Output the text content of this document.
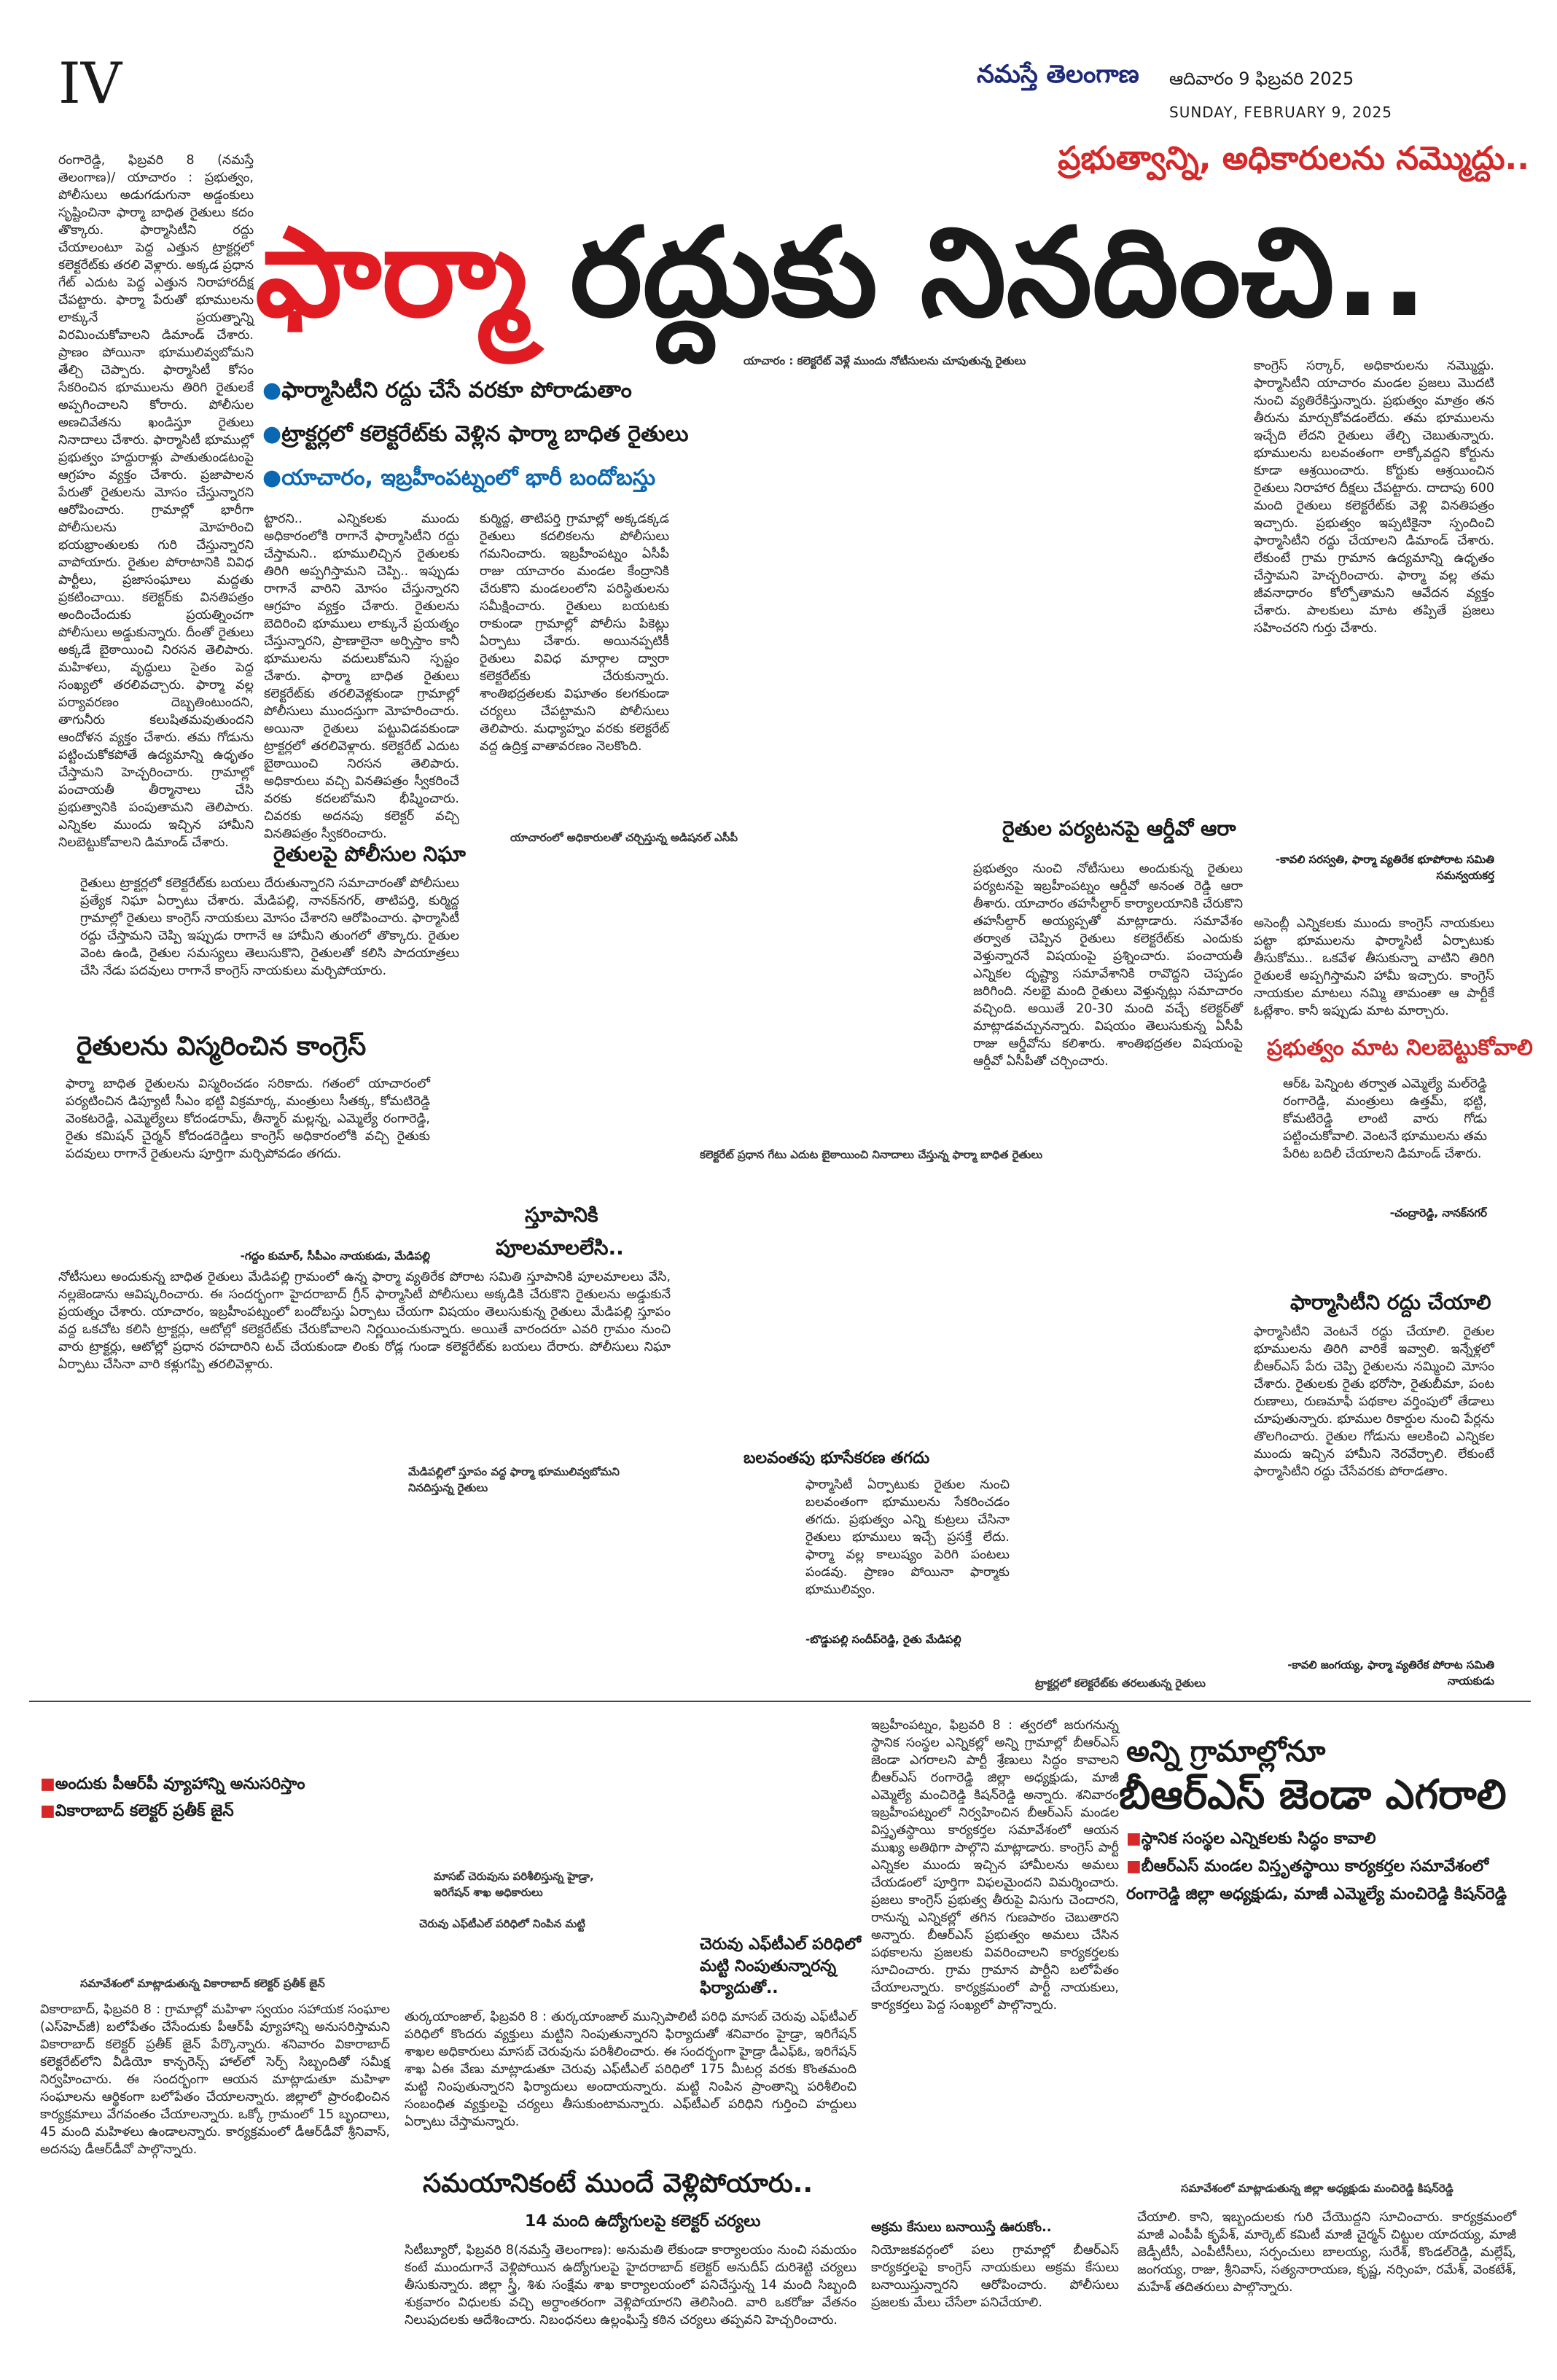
IV	నమస్తే తెలంగాణ ఆదివారం 9 ఫిబ్రవరి 2025
SUNDAY, FEBRUARY 9, 2025
ప్రభుత్వాన్ని, అధికారులను నమ్మొద్దు..
ఫార్మా రద్దుకు నినదించి..
●ఫార్మాసిటీని రద్దు చేసే వరకూ పోరాడుతాం
●ట్రాక్టర్లలో కలెక్టరేట్‌కు వెళ్లిన ఫార్మా బాధిత రైతులు
●యాచారం, ఇబ్రహీంపట్నంలో భారీ బందోబస్తు
యాచారం : కలెక్టరేట్ వెళ్లే ముందు నోటీసులను చూపుతున్న రైతులు
రంగారెడ్డి, ఫిబ్రవరి 8 (నమస్తే తెలంగాణ)/ యాచారం : ప్రభుత్వం, పోలీసులు అడుగడుగునా అడ్డంకులు సృష్టించినా ఫార్మా బాధిత రైతులు కదం తొక్కారు. ఫార్మాసిటీని రద్దు చేయాలంటూ పెద్ద ఎత్తున ట్రాక్టర్లలో కలెక్టరేట్‌కు తరలి వెళ్లారు. అక్కడ ప్రధాన గేట్ ఎదుట పెద్ద ఎత్తున నిరాహారదీక్ష చేపట్టారు. ఫార్మా పేరుతో భూములను లాక్కునే ప్రయత్నాన్ని విరమించుకోవాలని డిమాండ్ చేశారు. ప్రాణం పోయినా భూములివ్వబోమని తేల్చి చెప్పారు. ఫార్మాసిటీ కోసం సేకరించిన భూములను తిరిగి రైతులకే అప్పగించాలని కోరారు. పోలీసుల అణచివేతను ఖండిస్తూ రైతులు నినాదాలు చేశారు. ఫార్మాసిటీ భూముల్లో ప్రభుత్వం హద్దురాళ్లు పాతుతుండటంపై ఆగ్రహం వ్యక్తం చేశారు. ప్రజాపాలన పేరుతో రైతులను మోసం చేస్తున్నారని ఆరోపించారు. గ్రామాల్లో భారీగా పోలీసులను మోహరించి భయభ్రాంతులకు గురి చేస్తున్నారని వాపోయారు. రైతుల పోరాటానికి వివిధ పార్టీలు, ప్రజాసంఘాలు మద్దతు ప్రకటించాయి. కలెక్టర్‌కు వినతిపత్రం అందించేందుకు ప్రయత్నించగా పోలీసులు అడ్డుకున్నారు. దీంతో రైతులు అక్కడే బైఠాయించి నిరసన తెలిపారు. మహిళలు, వృద్ధులు సైతం పెద్ద సంఖ్యలో తరలివచ్చారు. ఫార్మా వల్ల పర్యావరణం దెబ్బతింటుందని, తాగునీరు కలుషితమవుతుందని ఆందోళన వ్యక్తం చేశారు. తమ గోడును పట్టించుకోకపోతే ఉద్యమాన్ని ఉధృతం చేస్తామని హెచ్చరించారు. గ్రామాల్లో పంచాయతీ తీర్మానాలు చేసి ప్రభుత్వానికి పంపుతామని తెలిపారు. ఎన్నికల ముందు ఇచ్చిన హామీని నిలబెట్టుకోవాలని డిమాండ్ చేశారు.
ట్టారని.. ఎన్నికలకు ముందు అధికారంలోకి రాగానే ఫార్మాసిటీని రద్దు చేస్తామని.. భూములిచ్చిన రైతులకు తిరిగి అప్పగిస్తామని చెప్పి.. ఇప్పుడు రాగానే వారిని మోసం చేస్తున్నారని ఆగ్రహం వ్యక్తం చేశారు. రైతులను బెదిరించి భూములు లాక్కునే ప్రయత్నం చేస్తున్నారని, ప్రాణాలైనా అర్పిస్తాం కానీ భూములను వదులుకోమని స్పష్టం చేశారు. ఫార్మా బాధిత రైతులు కలెక్టరేట్‌కు తరలివెళ్లకుండా గ్రామాల్లో పోలీసులు ముందస్తుగా మోహరించారు. అయినా రైతులు పట్టువిడవకుండా ట్రాక్టర్లలో తరలివెళ్లారు. కలెక్టరేట్ ఎదుట బైఠాయించి నిరసన తెలిపారు. అధికారులు వచ్చి వినతిపత్రం స్వీకరించే వరకు కదలబోమని భీష్మించారు. చివరకు అదనపు కలెక్టర్ వచ్చి వినతిపత్రం స్వీకరించారు.
కుర్మిద్ద, తాటిపర్తి గ్రామాల్లో అక్కడక్కడ రైతులు కదలికలను పోలీసులు గమనించారు. ఇబ్రహీంపట్నం ఏసీపీ రాజు యాచారం మండల కేంద్రానికి చేరుకొని మండలంలోని పరిస్థితులను సమీక్షించారు. రైతులు బయటకు రాకుండా గ్రామాల్లో పోలీసు పికెట్లు ఏర్పాటు చేశారు. అయినప్పటికీ రైతులు వివిధ మార్గాల ద్వారా కలెక్టరేట్‌కు చేరుకున్నారు. శాంతిభద్రతలకు విఘాతం కలగకుండా చర్యలు చేపట్టామని పోలీసులు తెలిపారు. మధ్యాహ్నం వరకు కలెక్టరేట్ వద్ద ఉద్రిక్త వాతావరణం నెలకొంది.
యాచారంలో అధికారులతో చర్చిస్తున్న అడిషనల్ ఎసీపీ
రైతులపై పోలీసుల నిఘా
రైతులు ట్రాక్టర్లలో కలెక్టరేట్‌కు బయలు దేరుతున్నారని సమాచారంతో పోలీసులు ప్రత్యేక నిఘా ఏర్పాటు చేశారు. మేడిపల్లి, నానక్‌నగర్, తాటిపర్తి, కుర్మిద్ద గ్రామాల్లో రైతులు కాంగ్రెస్ నాయకులు మోసం చేశారని ఆరోపించారు. ఫార్మాసిటీ రద్దు చేస్తామని చెప్పి ఇప్పుడు రాగానే ఆ హామీని తుంగలో తొక్కారు. రైతుల వెంట ఉండి, రైతుల సమస్యలు తెలుసుకొని, రైతులతో కలిసి పాదయాత్రలు చేసి నేడు పదవులు రాగానే కాంగ్రెస్ నాయకులు మర్చిపోయారు.
రైతులను విస్మరించిన కాంగ్రెస్
ఫార్మా బాధిత రైతులను విస్మరించడం సరికాదు. గతంలో యాచారంలో పర్యటించిన డిప్యూటీ సీఎం భట్టి విక్రమార్క, మంత్రులు సీతక్క, కోమటిరెడ్డి వెంకటరెడ్డి, ఎమ్మెల్యేలు కోదండరామ్, తీన్మార్ మల్లన్న, ఎమ్మెల్యే రంగారెడ్డి, రైతు కమిషన్ చైర్మన్ కోదండరెడ్డిలు కాంగ్రెస్ అధికారంలోకి వచ్చి రైతుకు పదవులు రాగానే రైతులను పూర్తిగా మర్చిపోవడం తగదు.
-గద్దం కుమార్, సీపీఎం నాయకుడు, మేడిపల్లి
స్తూపానికి
పూలమాలలేసి..
నోటీసులు అందుకున్న బాధిత రైతులు మేడిపల్లి గ్రామంలో ఉన్న ఫార్మా వ్యతిరేక పోరాట సమితి స్తూపానికి పూలమాలలు వేసి, నల్లజెండాను ఆవిష్కరించారు. ఈ సందర్భంగా హైదరాబాద్ గ్రీన్ ఫార్మాసిటీ పోలీసులు అక్కడికి చేరుకొని రైతులను అడ్డుకునే ప్రయత్నం చేశారు. యాచారం, ఇబ్రహీంపట్నంలో బందోబస్తు ఏర్పాటు చేయగా విషయం తెలుసుకున్న రైతులు మేడిపల్లి స్తూపం వద్ద ఒకచోట కలిసి ట్రాక్టర్లు, ఆటోల్లో కలెక్టరేట్‌కు చేరుకోవాలని నిర్ణయించుకున్నారు. అయితే వారందరూ ఎవరి గ్రామం నుంచి వారు ట్రాక్టర్లు, ఆటోల్లో ప్రధాన రహదారిని టచ్ చేయకుండా లింకు రోడ్ల గుండా కలెక్టరేట్‌కు బయలు దేరారు. పోలీసులు నిఘా ఏర్పాటు చేసినా వారి కళ్లుగప్పి తరలివెళ్లారు.
మేడిపల్లిలో స్తూపం వద్ద ఫార్మా భూములివ్వబోమని నినదిస్తున్న రైతులు
కలెక్టరేట్ ప్రధాన గేటు ఎదుట బైఠాయించి నినాదాలు చేస్తున్న ఫార్మా బాధిత రైతులు
కాంగ్రెస్ సర్కార్, అధికారులను నమ్మొద్దు. ఫార్మాసిటీని యాచారం మండల ప్రజలు మొదటి నుంచి వ్యతిరేకిస్తున్నారు. ప్రభుత్వం మాత్రం తన తీరును మార్చుకోవడంలేదు. తమ భూములను ఇచ్చేది లేదని రైతులు తేల్చి చెబుతున్నారు. భూములను బలవంతంగా లాక్కోవద్దని కోర్టును కూడా ఆశ్రయించారు. కోర్టుకు ఆశ్రయించిన రైతులు నిరాహార దీక్షలు చేపట్టారు. దాదాపు 600 మంది రైతులు కలెక్టరేట్‌కు వెళ్లి వినతిపత్రం ఇచ్చారు. ప్రభుత్వం ఇప్పటికైనా స్పందించి ఫార్మాసిటీని రద్దు చేయాలని డిమాండ్ చేశారు. లేకుంటే గ్రామ గ్రామాన ఉద్యమాన్ని ఉధృతం చేస్తామని హెచ్చరించారు. ఫార్మా వల్ల తమ జీవనాధారం కోల్పోతామని ఆవేదన వ్యక్తం చేశారు. పాలకులు మాట తప్పితే ప్రజలు సహించరని గుర్తు చేశారు.
-కావలి సరస్వతి, ఫార్మా వ్యతిరేక భూపోరాట సమితి సమన్వయకర్త
అసెంబ్లీ ఎన్నికలకు ముందు కాంగ్రెస్ నాయకులు పట్టా భూములను ఫార్మాసిటీ ఏర్పాటుకు తీసుకోము.. ఒకవేళ తీసుకున్నా వాటిని తిరిగి రైతులకే అప్పగిస్తామని హామీ ఇచ్చారు. కాంగ్రెస్ నాయకుల మాటలు నమ్మి తామంతా ఆ పార్టీకే ఓట్లేశాం. కానీ ఇప్పుడు మాట మార్చారు.
ప్రభుత్వం మాట నిలబెట్టుకోవాలి
ఆర్‌ఓ పెన్నింట తర్వాత ఎమ్మెల్యే మల్‌రెడ్డి రంగారెడ్డి, మంత్రులు ఉత్తమ్, భట్టి, కోమటిరెడ్డి లాంటి వారు గోడు పట్టించుకోవాలి. వెంటనే భూములను తమ పేరిట బదిలీ చేయాలని డిమాండ్ చేశారు.
-చంద్రారెడ్డి, నానక్‌నగర్
రైతుల పర్యటనపై ఆర్డీవో ఆరా
ప్రభుత్వం నుంచి నోటీసులు అందుకున్న రైతులు పర్యటనపై ఇబ్రహీంపట్నం ఆర్డీవో అనంత రెడ్డి ఆరా తీశారు. యాచారం తహసీల్దార్ కార్యాలయానికి చేరుకొని తహసీల్దార్ అయ్యప్పతో మాట్లాడారు. సమావేశం తర్వాత చెప్పిన రైతులు కలెక్టరేట్‌కు ఎందుకు వెళ్తున్నారనే విషయంపై ప్రశ్నించారు. పంచాయతీ ఎన్నికల దృష్ట్యా సమావేశానికి రావొద్దని చెప్పడం జరిగింది. నలభై మంది రైతులు వెళ్తున్నట్లు సమాచారం వచ్చింది. అయితే 20-30 మంది వచ్చే కలెక్టర్‌తో మాట్లాడవచ్చునన్నారు. విషయం తెలుసుకున్న ఏసీపీ రాజు ఆర్డీవోను కలిశారు. శాంతిభద్రతల విషయంపై ఆర్డీవో ఏసీపీతో చర్చించారు.
ఫార్మాసిటీని రద్దు చేయాలి
ఫార్మాసిటీని వెంటనే రద్దు చేయాలి. రైతుల భూములను తిరిగి వారికే ఇవ్వాలి. ఇన్నేళ్లలో బీఆర్‌ఎస్ పేరు చెప్పి రైతులను నమ్మించి మోసం చేశారు. రైతులకు రైతు భరోసా, రైతుబీమా, పంట రుణాలు, రుణమాఫీ పథకాల వర్తింపులో తేడాలు చూపుతున్నారు. భూముల రికార్డుల నుంచి పేర్లను తొలగించారు. రైతుల గోడును ఆలకించి ఎన్నికల ముందు ఇచ్చిన హామీని నెరవేర్చాలి. లేకుంటే ఫార్మాసిటీని రద్దు చేసేవరకు పోరాడతాం.
-కావలి జంగయ్య, ఫార్మా వ్యతిరేక పోరాట సమితి నాయకుడు
బలవంతపు భూసేకరణ తగదు
ఫార్మాసిటీ ఏర్పాటుకు రైతుల నుంచి బలవంతంగా భూములను సేకరించడం తగదు. ప్రభుత్వం ఎన్ని కుట్రలు చేసినా రైతులు భూములు ఇచ్చే ప్రసక్తే లేదు. ఫార్మా వల్ల కాలుష్యం పెరిగి పంటలు పండవు. ప్రాణం పోయినా ఫార్మాకు భూములివ్వం.
-బొడ్డుపల్లి సందీప్‌రెడ్డి, రైతు మేడిపల్లి
ట్రాక్టర్లలో కలెక్టరేట్‌కు తరలుతున్న రైతులు
అన్ని గ్రామాల్లోనూ
బీఆర్‌ఎస్ జెండా ఎగరాలి
■స్థానిక సంస్థల ఎన్నికలకు సిద్ధం కావాలి
■బీఆర్‌ఎస్ మండల విస్తృతస్థాయి కార్యకర్తల సమావేశంలో
రంగారెడ్డి జిల్లా అధ్యక్షుడు, మాజీ ఎమ్మెల్యే మంచిరెడ్డి కిషన్‌రెడ్డి
ఇబ్రహీంపట్నం, ఫిబ్రవరి 8 : త్వరలో జరుగనున్న స్థానిక సంస్థల ఎన్నికల్లో అన్ని గ్రామాల్లో బీఆర్‌ఎస్ జెండా ఎగరాలని పార్టీ శ్రేణులు సిద్ధం కావాలని బీఆర్‌ఎస్ రంగారెడ్డి జిల్లా అధ్యక్షుడు, మాజీ ఎమ్మెల్యే మంచిరెడ్డి కిషన్‌రెడ్డి అన్నారు. శనివారం ఇబ్రహీంపట్నంలో నిర్వహించిన బీఆర్‌ఎస్ మండల విస్తృతస్థాయి కార్యకర్తల సమావేశంలో ఆయన ముఖ్య అతిథిగా పాల్గొని మాట్లాడారు. కాంగ్రెస్ పార్టీ ఎన్నికల ముందు ఇచ్చిన హామీలను అమలు చేయడంలో పూర్తిగా విఫలమైందని విమర్శించారు. ప్రజలు కాంగ్రెస్ ప్రభుత్వ తీరుపై విసుగు చెందారని, రానున్న ఎన్నికల్లో తగిన గుణపాఠం చెబుతారని అన్నారు. బీఆర్‌ఎస్ ప్రభుత్వం అమలు చేసిన పథకాలను ప్రజలకు వివరించాలని కార్యకర్తలకు సూచించారు. గ్రామ గ్రామాన పార్టీని బలోపేతం చేయాలన్నారు. కార్యక్రమంలో పార్టీ నాయకులు, కార్యకర్తలు పెద్ద సంఖ్యలో పాల్గొన్నారు.
అక్రమ కేసులు బనాయిస్తే ఊరుకోం..
నియోజకవర్గంలో పలు గ్రామాల్లో బీఆర్‌ఎస్ కార్యకర్తలపై కాంగ్రెస్ నాయకులు అక్రమ కేసులు బనాయిస్తున్నారని ఆరోపించారు. పోలీసులు ప్రజలకు మేలు చేసేలా పనిచేయాలి.
సమావేశంలో మాట్లాడుతున్న జిల్లా అధ్యక్షుడు మంచిరెడ్డి కిషన్‌రెడ్డి
చేయాలి. కాని, ఇబ్బందులకు గురి చేయొద్దని సూచించారు. కార్యక్రమంలో మాజీ ఎంపీపీ కృపేశ్, మార్కెట్ కమిటీ మాజీ చైర్మన్ చిట్టుల యాదయ్య, మాజీ జెడ్పీటీసీ, ఎంపీటీసీలు, సర్పంచులు బాలయ్య, సురేశ్, కొండల్‌రెడ్డి, మల్లేష్, జంగయ్య, రాజు, శ్రీనివాస్, సత్యనారాయణ, కృష్ణ, నర్సింహ, రమేశ్, వెంకటేశ్, మహేశ్ తదితరులు పాల్గొన్నారు.
■అందుకు పీఆర్‌పీ వ్యూహాన్ని అనుసరిస్తాం
■వికారాబాద్ కలెక్టర్ ప్రతీక్ జైన్
సమావేశంలో మాట్లాడుతున్న వికారాబాద్ కలెక్టర్ ప్రతీక్ జైన్
వికారాబాద్, ఫిబ్రవరి 8 : గ్రామాల్లో మహిళా స్వయం సహాయక సంఘాల (ఎస్‌హెచ్‌జీ) బలోపేతం చేసేందుకు పీఆర్‌పీ వ్యూహాన్ని అనుసరిస్తామని వికారాబాద్ కలెక్టర్ ప్రతీక్ జైన్ పేర్కొన్నారు. శనివారం వికారాబాద్ కలెక్టరేట్‌లోని వీడియో కాన్ఫరెన్స్ హాల్‌లో సెర్ప్ సిబ్బందితో సమీక్ష నిర్వహించారు. ఈ సందర్భంగా ఆయన మాట్లాడుతూ మహిళా సంఘాలను ఆర్థికంగా బలోపేతం చేయాలన్నారు. జిల్లాలో ప్రారంభించిన కార్యక్రమాలు వేగవంతం చేయాలన్నారు. ఒక్కో గ్రామంలో 15 బృందాలు, 45 మంది మహిళలు ఉండాలన్నారు. కార్యక్రమంలో డీఆర్‌డీవో శ్రీనివాస్, అదనపు డీఆర్‌డీవో పాల్గొన్నారు.
మాసబ్ చెరువును పరిశీలిస్తున్న హైడ్రా, ఇరిగేషన్ శాఖ అధికారులు
చెరువు ఎఫ్‌టీఎల్ పరిధిలో నింపిన మట్టి
చెరువు ఎఫ్‌టీఎల్ పరిధిలో మట్టి నింపుతున్నారన్న ఫిర్యాదుతో..
తుర్కయాంజాల్, ఫిబ్రవరి 8 : తుర్కయాంజాల్ మున్సిపాలిటీ పరిధి మాసబ్ చెరువు ఎఫ్‌టీఎల్ పరిధిలో కొందరు వ్యక్తులు మట్టిని నింపుతున్నారని ఫిర్యాదుతో శనివారం హైడ్రా, ఇరిగేషన్ శాఖల అధికారులు మాసబ్ చెరువును పరిశీలించారు. ఈ సందర్భంగా హైడ్రా డీఎఫ్‌ఓ, ఇరిగేషన్ శాఖ ఏఈ వేణు మాట్లాడుతూ చెరువు ఎఫ్‌టీఎల్ పరిధిలో 175 మీటర్ల వరకు కొంతమంది మట్టి నింపుతున్నారని ఫిర్యాదులు అందాయన్నారు. మట్టి నింపిన ప్రాంతాన్ని పరిశీలించి సంబంధిత వ్యక్తులపై చర్యలు తీసుకుంటామన్నారు. ఎఫ్‌టీఎల్ పరిధిని గుర్తించి హద్దులు ఏర్పాటు చేస్తామన్నారు.
సమయానికంటే ముందే వెళ్లిపోయారు..
14 మంది ఉద్యోగులపై కలెక్టర్ చర్యలు
సిటీబ్యూరో, ఫిబ్రవరి 8(నమస్తే తెలంగాణ): అనుమతి లేకుండా కార్యాలయం నుంచి సమయం కంటే ముందుగానే వెళ్లిపోయిన ఉద్యోగులపై హైదరాబాద్ కలెక్టర్ అనుదీప్ దురిశెట్టి చర్యలు తీసుకున్నారు. జిల్లా స్త్రీ, శిశు సంక్షేమ శాఖ కార్యాలయంలో పనిచేస్తున్న 14 మంది సిబ్బంది శుక్రవారం విధులకు వచ్చి అర్ధాంతరంగా వెళ్లిపోయారని తెలిసింది. వారి ఒకరోజు వేతనం నిలుపుదలకు ఆదేశించారు. నిబంధనలు ఉల్లంఘిస్తే కఠిన చర్యలు తప్పవని హెచ్చరించారు.
